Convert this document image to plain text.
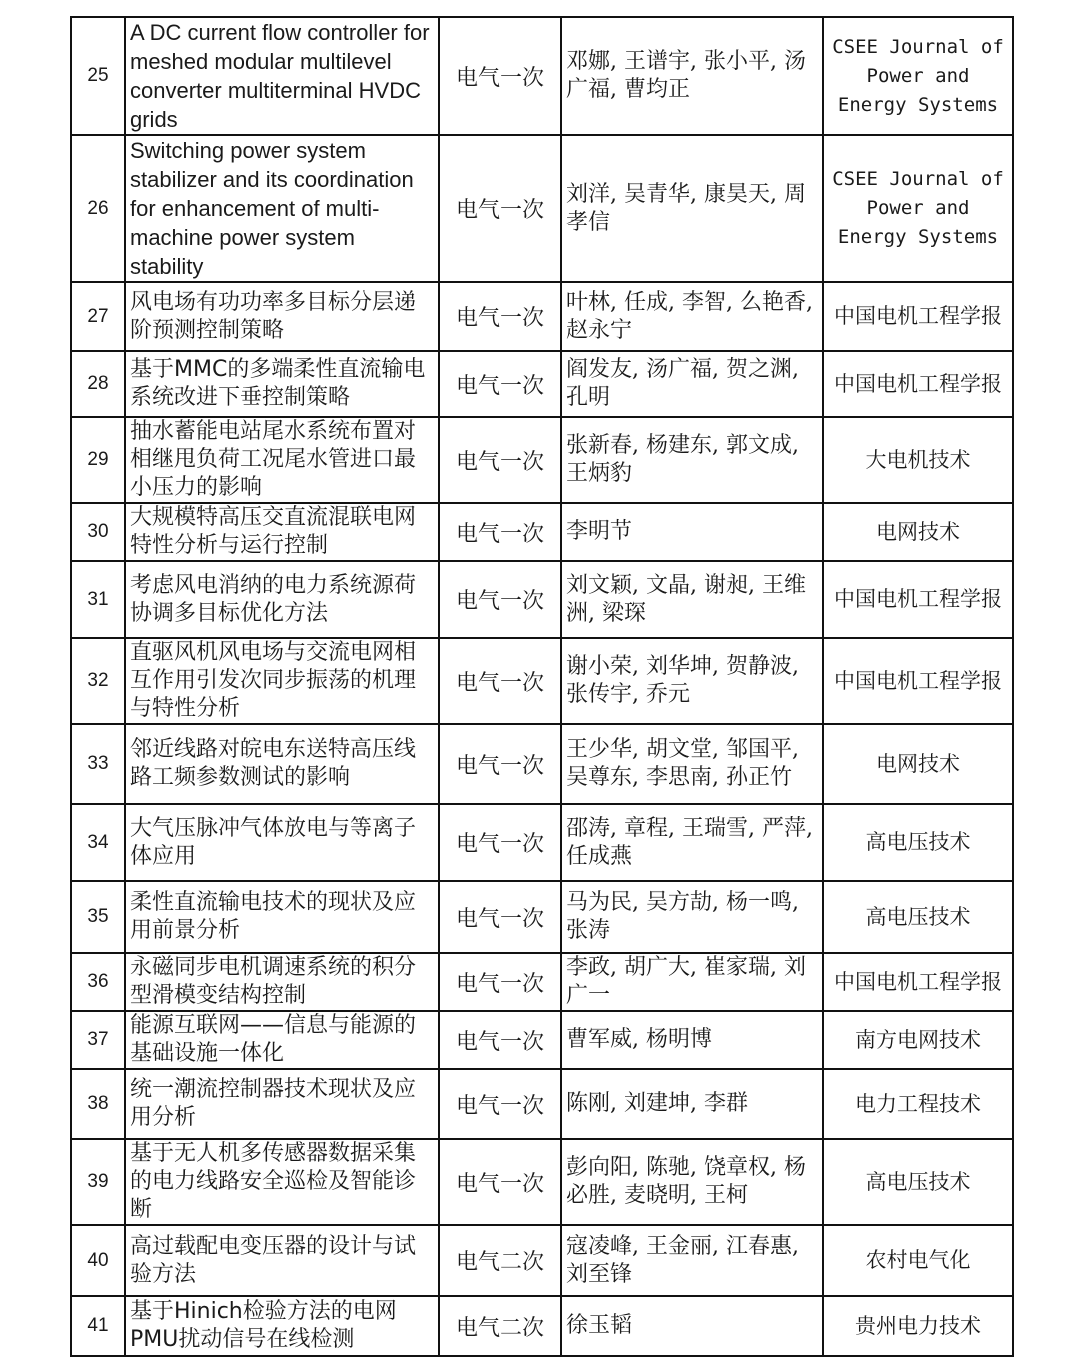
25	A DC current flow controller for meshed modular multilevel converter multiterminal HVDC grids	电气一次	邓娜, 王谱宇, 张小平, 汤广福, 曹均正	CSEE Journal of Power and Energy Systems
26	Switching power system stabilizer and its coordination for enhancement of multi-machine power system stability	电气一次	刘洋, 吴青华, 康昊天, 周孝信	CSEE Journal of Power and Energy Systems
27	风电场有功功率多目标分层递阶预测控制策略	电气一次	叶林, 任成, 李智, 么艳香, 赵永宁	中国电机工程学报
28	基于MMC的多端柔性直流输电系统改进下垂控制策略	电气一次	阎发友, 汤广福, 贺之渊, 孔明	中国电机工程学报
29	抽水蓄能电站尾水系统布置对相继甩负荷工况尾水管进口最小压力的影响	电气一次	张新春, 杨建东, 郭文成, 王炳豹	大电机技术
30	大规模特高压交直流混联电网特性分析与运行控制	电气一次	李明节	电网技术
31	考虑风电消纳的电力系统源荷协调多目标优化方法	电气一次	刘文颖, 文晶, 谢昶, 王维洲, 梁琛	中国电机工程学报
32	直驱风机风电场与交流电网相互作用引发次同步振荡的机理与特性分析	电气一次	谢小荣, 刘华坤, 贺静波, 张传宇, 乔元	中国电机工程学报
33	邻近线路对皖电东送特高压线路工频参数测试的影响	电气一次	王少华, 胡文堂, 邹国平, 吴尊东, 李思南, 孙正竹	电网技术
34	大气压脉冲气体放电与等离子体应用	电气一次	邵涛, 章程, 王瑞雪, 严萍, 任成燕	高电压技术
35	柔性直流输电技术的现状及应用前景分析	电气一次	马为民, 吴方劼, 杨一鸣, 张涛	高电压技术
36	永磁同步电机调速系统的积分型滑模变结构控制	电气一次	李政, 胡广大, 崔家瑞, 刘广一	中国电机工程学报
37	能源互联网——信息与能源的基础设施一体化	电气一次	曹军威, 杨明博	南方电网技术
38	统一潮流控制器技术现状及应用分析	电气一次	陈刚, 刘建坤, 李群	电力工程技术
39	基于无人机多传感器数据采集的电力线路安全巡检及智能诊断	电气一次	彭向阳, 陈驰, 饶章权, 杨必胜, 麦晓明, 王柯	高电压技术
40	高过载配电变压器的设计与试验方法	电气二次	寇凌峰, 王金丽, 江春惠, 刘至锋	农村电气化
41	基于Hinich检验方法的电网PMU扰动信号在线检测	电气二次	徐玉韬	贵州电力技术
